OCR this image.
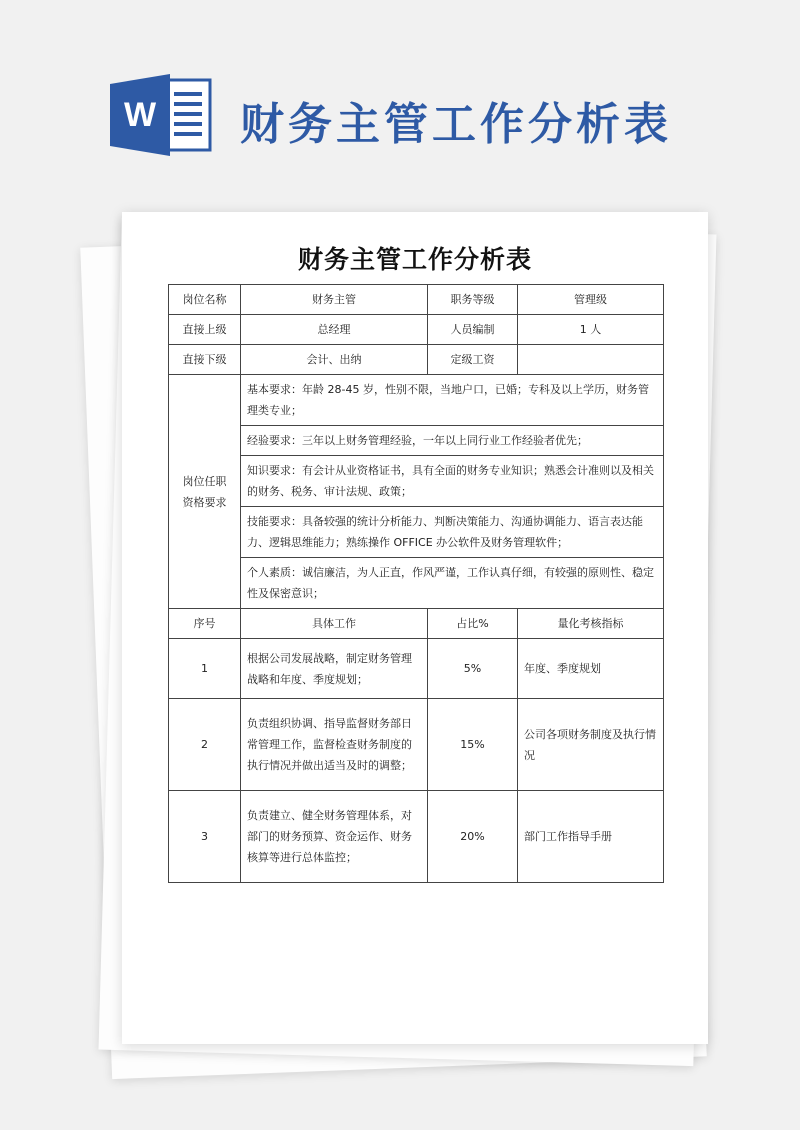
W 财务主管工作分析表
财务主管工作分析表
岗位名称	财务主管	职务等级	管理级
直接上级	总经理	人员编制	1 人
直接下级	会计、出纳	定级工资	
岗位任职资格要求	基本要求：年龄 28-45 岁，性别不限，当地户口，已婚；专科及以上学历，财务管理类专业；		
	经验要求：三年以上财务管理经验，一年以上同行业工作经验者优先；		
	知识要求：有会计从业资格证书，具有全面的财务专业知识；熟悉会计准则以及相关的财务、税务、审计法规、政策；		
	技能要求：具备较强的统计分析能力、判断决策能力、沟通协调能力、语言表达能力、逻辑思维能力；熟练操作 OFFICE 办公软件及财务管理软件；		
	个人素质：诚信廉洁，为人正直，作风严谨，工作认真仔细，有较强的原则性、稳定性及保密意识；		
序号	具体工作	占比%	量化考核指标
1	根据公司发展战略，制定财务管理战略和年度、季度规划；	5%	年度、季度规划
2	负责组织协调、指导监督财务部日常管理工作，监督检查财务制度的执行情况并做出适当及时的调整；	15%	公司各项财务制度及执行情况
3	负责建立、健全财务管理体系，对部门的财务预算、资金运作、财务核算等进行总体监控；	20%	部门工作指导手册
